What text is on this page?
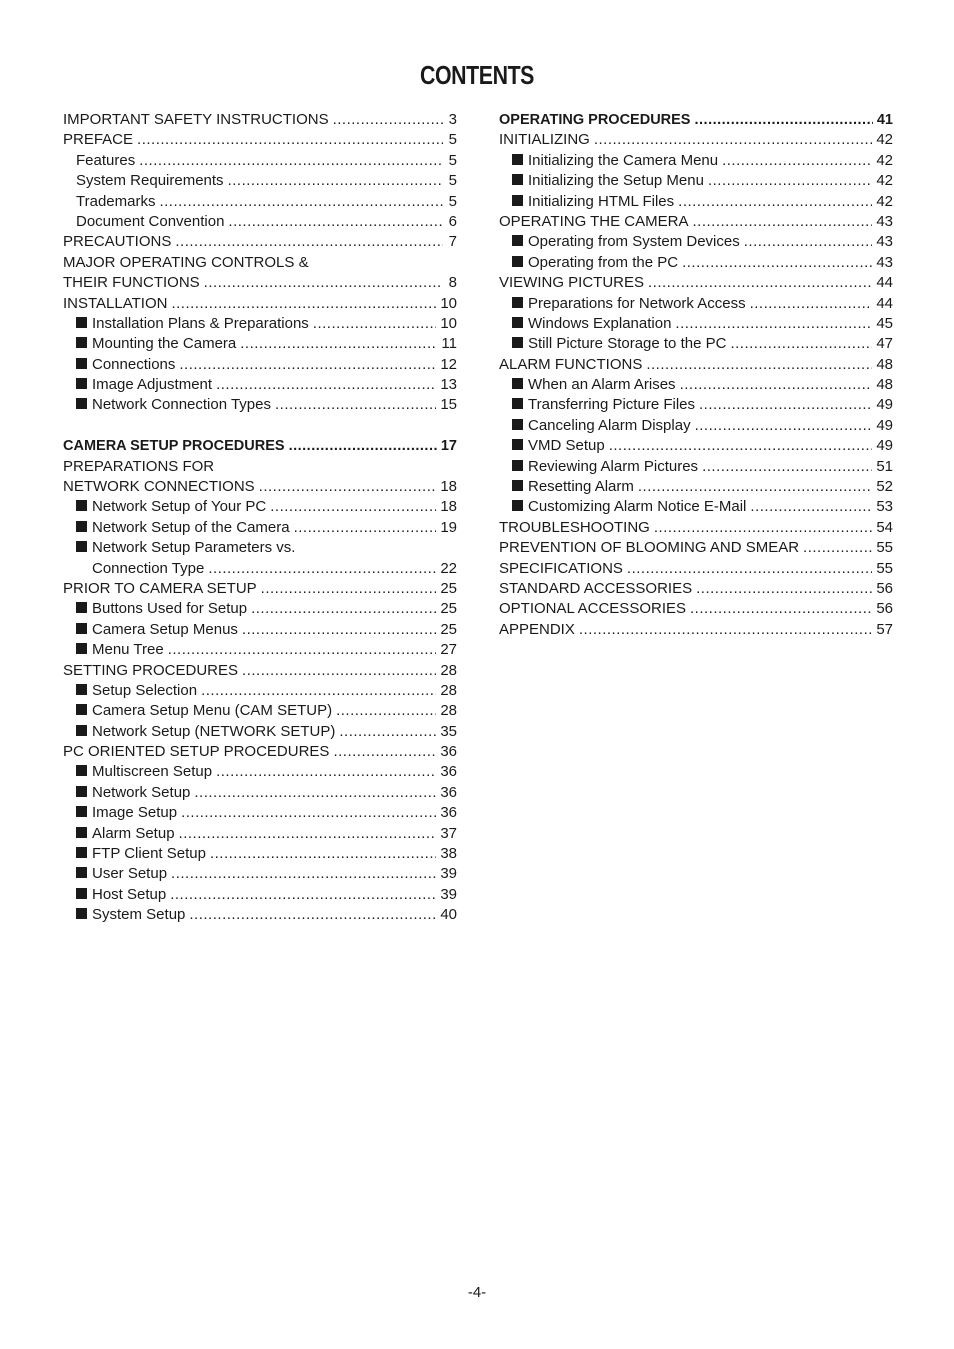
CONTENTS
IMPORTANT SAFETY INSTRUCTIONS .....	3
PREFACE .....	5
Features .....	5
System Requirements .....	5
Trademarks .....	5
Document Convention .....	6
PRECAUTIONS .....	7
MAJOR OPERATING CONTROLS &
THEIR FUNCTIONS .....	8
INSTALLATION .....	10
Installation Plans & Preparations .....	10
Mounting the Camera .....	11
Connections .....	12
Image Adjustment .....	13
Network Connection Types .....	15
CAMERA SETUP PROCEDURES .....	17
PREPARATIONS FOR
NETWORK CONNECTIONS .....	18
Network Setup of Your PC .....	18
Network Setup of the Camera .....	19
Network Setup Parameters vs.
Connection Type .....	22
PRIOR TO CAMERA SETUP .....	25
Buttons Used for Setup .....	25
Camera Setup Menus .....	25
Menu Tree .....	27
SETTING PROCEDURES .....	28
Setup Selection .....	28
Camera Setup Menu (CAM SETUP) .....	28
Network Setup (NETWORK SETUP) .....	35
PC ORIENTED SETUP PROCEDURES .....	36
Multiscreen Setup .....	36
Network Setup .....	36
Image Setup .....	36
Alarm Setup .....	37
FTP Client Setup .....	38
User Setup .....	39
Host Setup .....	39
System Setup .....	40
OPERATING PROCEDURES .....	41
INITIALIZING .....	42
Initializing the Camera Menu .....	42
Initializing the Setup Menu .....	42
Initializing HTML Files .....	42
OPERATING THE CAMERA .....	43
Operating from System Devices .....	43
Operating from the PC .....	43
VIEWING PICTURES .....	44
Preparations for Network Access .....	44
Windows Explanation .....	45
Still Picture Storage to the PC .....	47
ALARM FUNCTIONS .....	48
When an Alarm Arises .....	48
Transferring Picture Files .....	49
Canceling Alarm Display .....	49
VMD Setup .....	49
Reviewing Alarm Pictures .....	51
Resetting Alarm .....	52
Customizing Alarm Notice E-Mail .....	53
TROUBLESHOOTING .....	54
PREVENTION OF BLOOMING AND SMEAR .....	55
SPECIFICATIONS .....	55
STANDARD ACCESSORIES .....	56
OPTIONAL ACCESSORIES .....	56
APPENDIX .....	57
-4-
